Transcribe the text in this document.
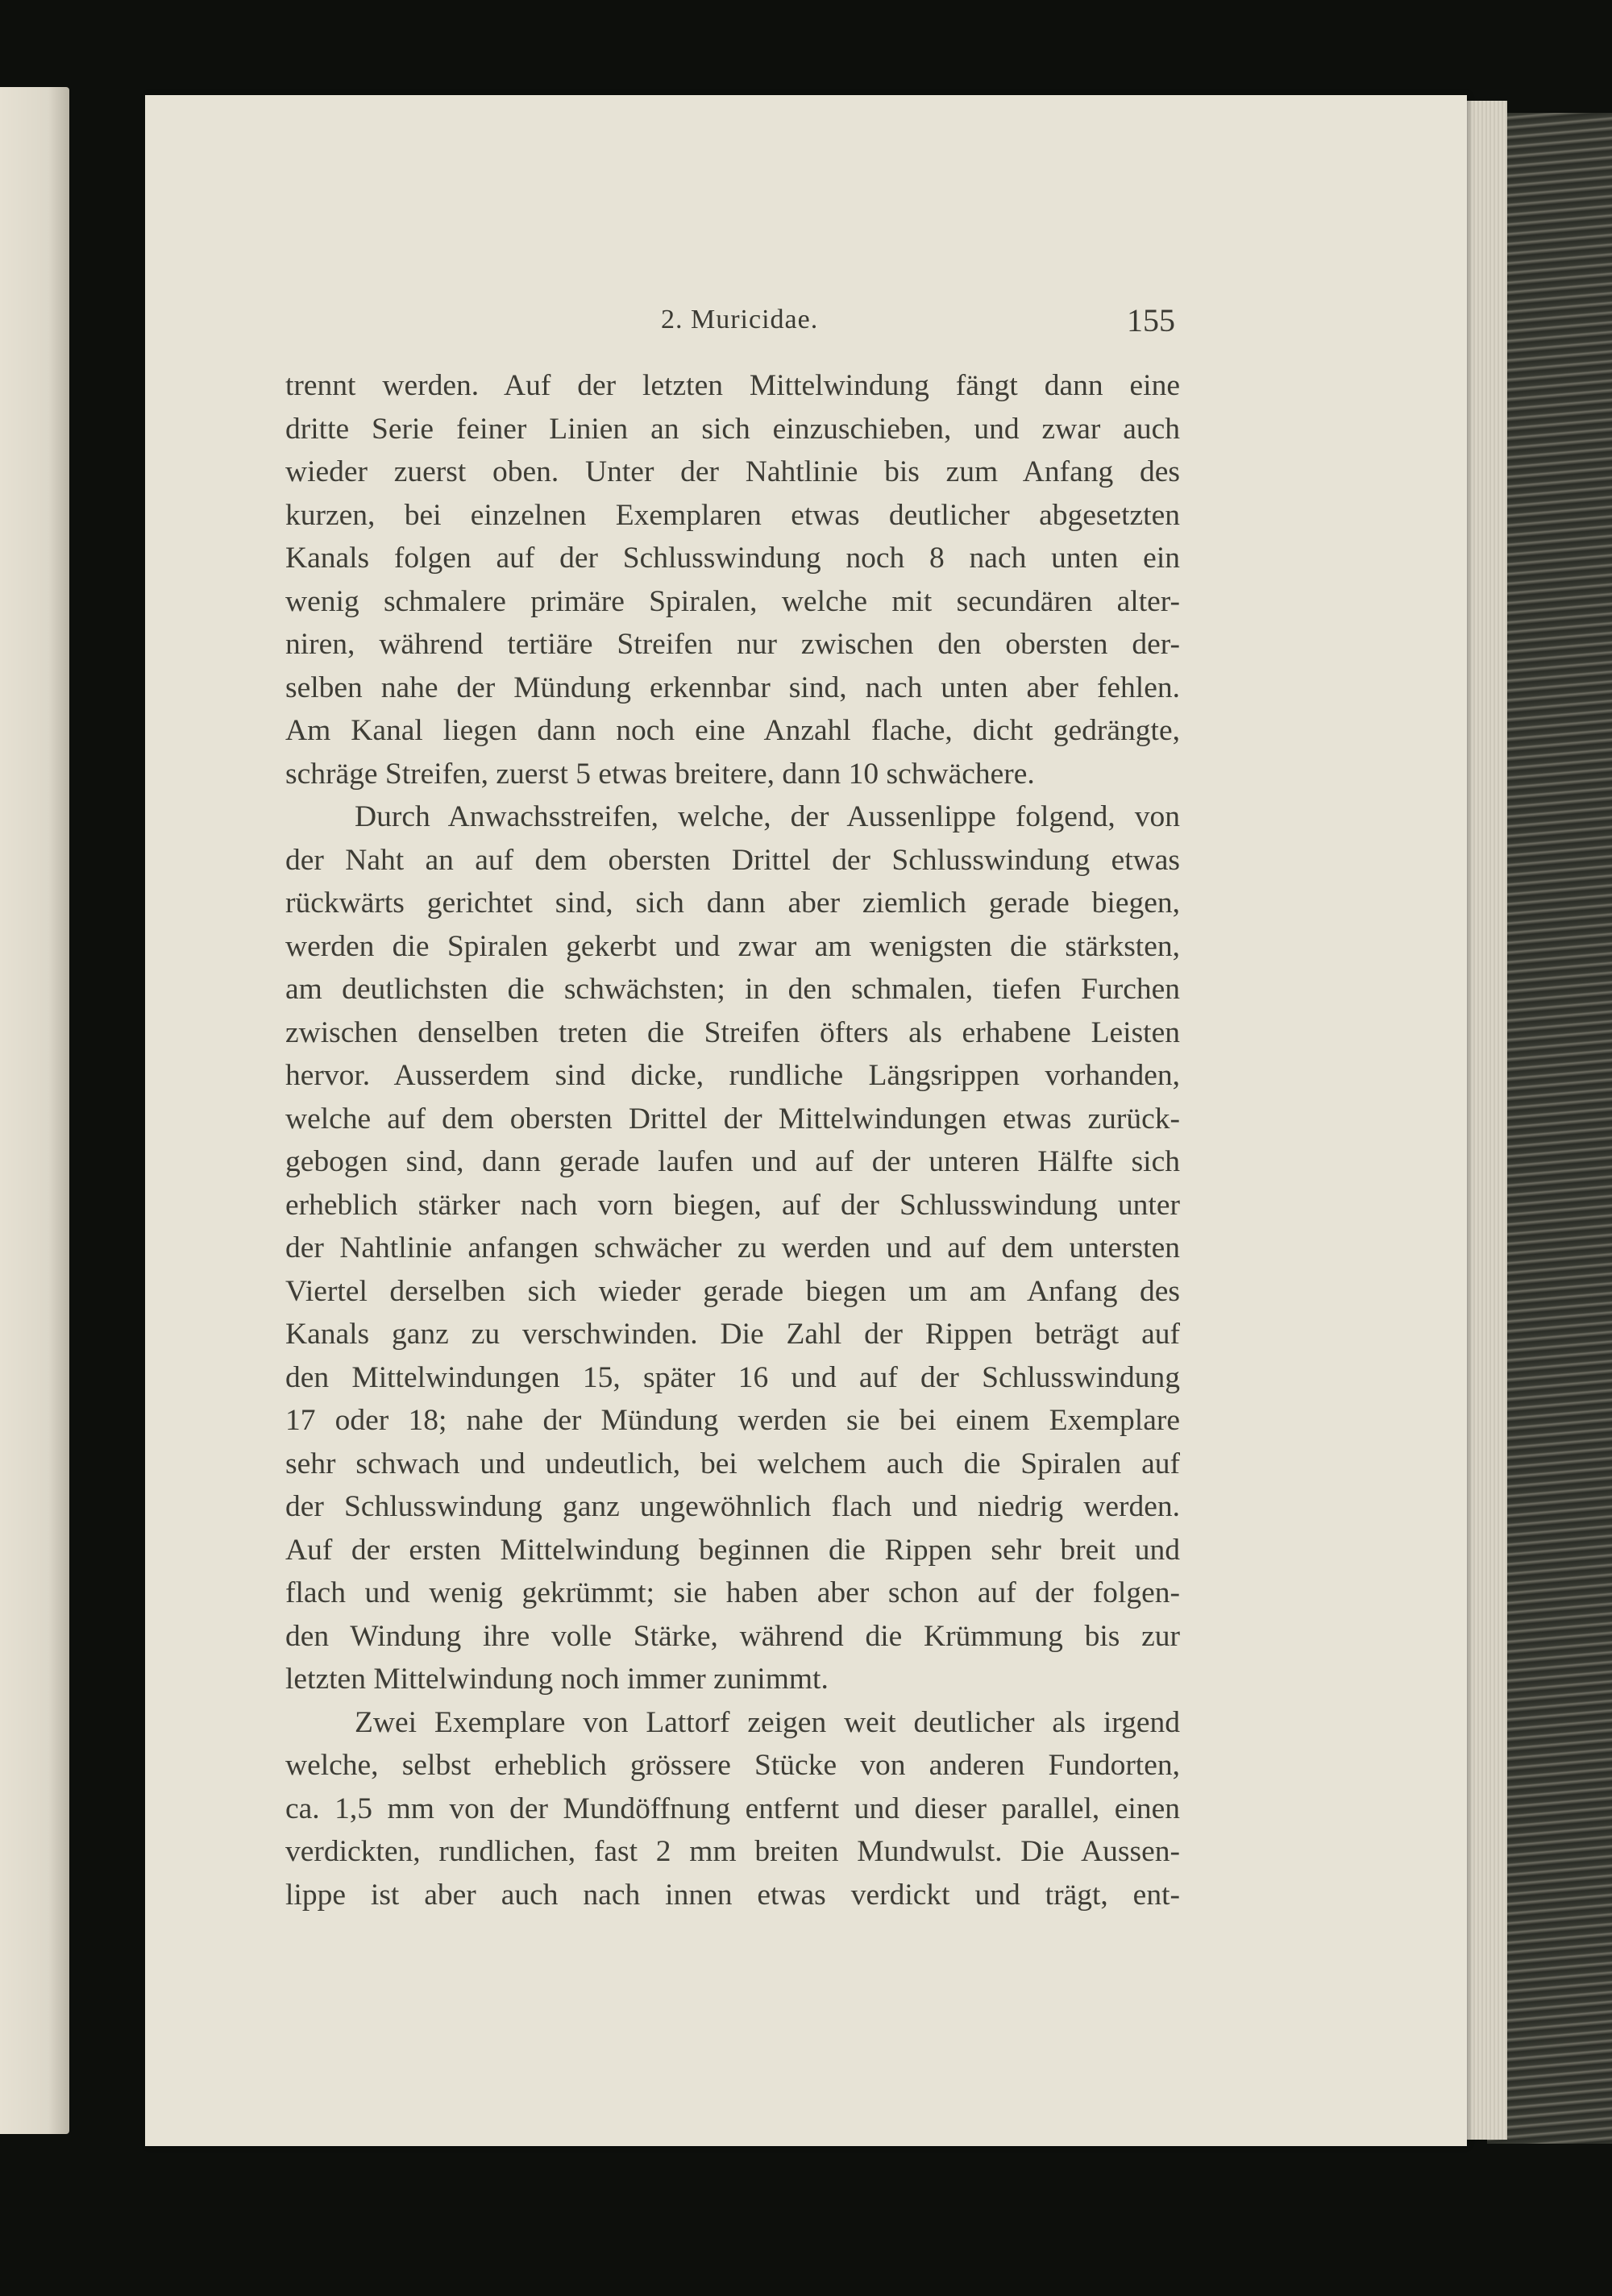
2. Muricidae.	155
trennt werden. Auf der letzten Mittelwindung fängt dann eine
dritte Serie feiner Linien an sich einzuschieben, und zwar auch
wieder zuerst oben. Unter der Nahtlinie bis zum Anfang des
kurzen, bei einzelnen Exemplaren etwas deutlicher abgesetzten
Kanals folgen auf der Schlusswindung noch 8 nach unten ein
wenig schmalere primäre Spiralen, welche mit secundären alter-
niren, während tertiäre Streifen nur zwischen den obersten der-
selben nahe der Mündung erkennbar sind, nach unten aber fehlen.
Am Kanal liegen dann noch eine Anzahl flache, dicht gedrängte,
schräge Streifen, zuerst 5 etwas breitere, dann 10 schwächere.
Durch Anwachsstreifen, welche, der Aussenlippe folgend, von
der Naht an auf dem obersten Drittel der Schlusswindung etwas
rückwärts gerichtet sind, sich dann aber ziemlich gerade biegen,
werden die Spiralen gekerbt und zwar am wenigsten die stärksten,
am deutlichsten die schwächsten; in den schmalen, tiefen Furchen
zwischen denselben treten die Streifen öfters als erhabene Leisten
hervor. Ausserdem sind dicke, rundliche Längsrippen vorhanden,
welche auf dem obersten Drittel der Mittelwindungen etwas zurück-
gebogen sind, dann gerade laufen und auf der unteren Hälfte sich
erheblich stärker nach vorn biegen, auf der Schlusswindung unter
der Nahtlinie anfangen schwächer zu werden und auf dem untersten
Viertel derselben sich wieder gerade biegen um am Anfang des
Kanals ganz zu verschwinden. Die Zahl der Rippen beträgt auf
den Mittelwindungen 15, später 16 und auf der Schlusswindung
17 oder 18; nahe der Mündung werden sie bei einem Exemplare
sehr schwach und undeutlich, bei welchem auch die Spiralen auf
der Schlusswindung ganz ungewöhnlich flach und niedrig werden.
Auf der ersten Mittelwindung beginnen die Rippen sehr breit und
flach und wenig gekrümmt; sie haben aber schon auf der folgen-
den Windung ihre volle Stärke, während die Krümmung bis zur
letzten Mittelwindung noch immer zunimmt.
Zwei Exemplare von Lattorf zeigen weit deutlicher als irgend
welche, selbst erheblich grössere Stücke von anderen Fundorten,
ca. 1,5 mm von der Mundöffnung entfernt und dieser parallel, einen
verdickten, rundlichen, fast 2 mm breiten Mundwulst. Die Aussen-
lippe ist aber auch nach innen etwas verdickt und trägt, ent-
